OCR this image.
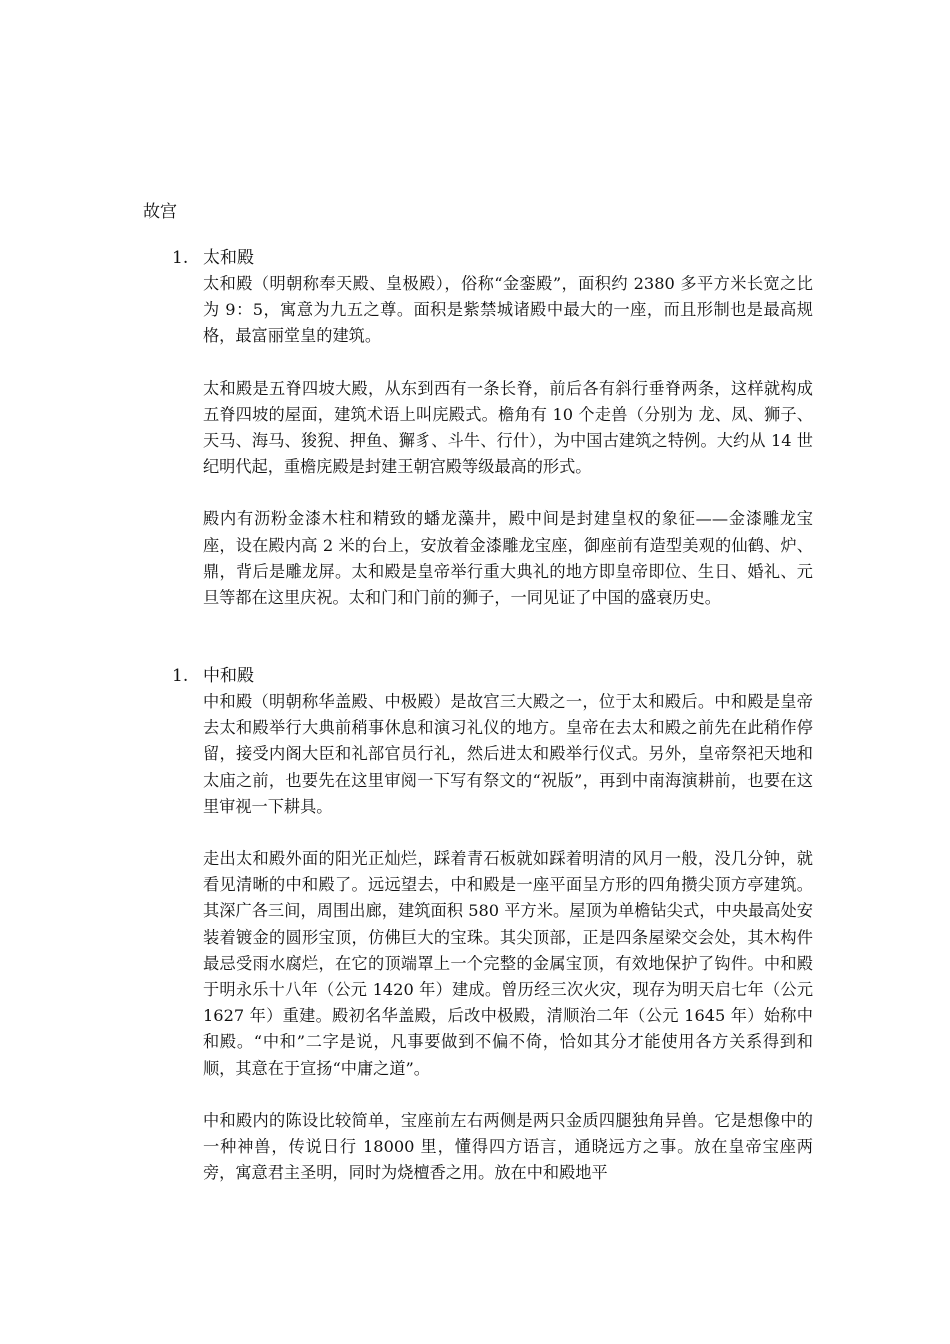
故宫
1. 太和殿

太和殿（明朝称奉天殿、皇极殿），俗称“金銮殿”，面积约 2380 多平方米长宽之比为 9：5，寓意为九五之尊。面积是紫禁城诸殿中最大的一座，而且形制也是最高规格，最富丽堂皇的建筑。

太和殿是五脊四坡大殿，从东到西有一条长脊，前后各有斜行垂脊两条，这样就构成五脊四坡的屋面，建筑术语上叫庑殿式。檐角有 10 个走兽（分别为 龙、凤、狮子、天马、海马、狻猊、押鱼、獬豸、斗牛、行什），为中国古建筑之特例。大约从 14 世纪明代起，重檐庑殿是封建王朝宫殿等级最高的形式。

殿内有沥粉金漆木柱和精致的蟠龙藻井，殿中间是封建皇权的象征——金漆雕龙宝座，设在殿内高 2 米的台上，安放着金漆雕龙宝座，御座前有造型美观的仙鹤、炉、鼎，背后是雕龙屏。太和殿是皇帝举行重大典礼的地方即皇帝即位、生日、婚礼、元旦等都在这里庆祝。太和门和门前的狮子，一同见证了中国的盛衰历史。

1. 中和殿

中和殿（明朝称华盖殿、中极殿）是故宫三大殿之一，位于太和殿后。中和殿是皇帝去太和殿举行大典前稍事休息和演习礼仪的地方。皇帝在去太和殿之前先在此稍作停留，接受内阁大臣和礼部官员行礼，然后进太和殿举行仪式。另外，皇帝祭祀天地和太庙之前，也要先在这里审阅一下写有祭文的“祝版”，再到中南海演耕前，也要在这里审视一下耕具。

走出太和殿外面的阳光正灿烂，踩着青石板就如踩着明清的风月一般，没几分钟，就看见清晰的中和殿了。远远望去，中和殿是一座平面呈方形的四角攒尖顶方亭建筑。其深广各三间，周围出廊，建筑面积 580 平方米。屋顶为单檐钻尖式，中央最高处安装着镀金的圆形宝顶，仿佛巨大的宝珠。其尖顶部，正是四条屋梁交会处，其木构件最忌受雨水腐烂，在它的顶端罩上一个完整的金属宝顶，有效地保护了钩件。中和殿于明永乐十八年（公元 1420 年）建成。曾历经三次火灾，现存为明天启七年（公元 1627 年）重建。殿初名华盖殿，后改中极殿，清顺治二年（公元 1645 年）始称中和殿。“中和”二字是说，凡事要做到不偏不倚，恰如其分才能使用各方关系得到和顺，其意在于宣扬“中庸之道”。

中和殿内的陈设比较简单，宝座前左右两侧是两只金质四腿独角异兽。它是想像中的一种神兽，传说日行 18000 里，懂得四方语言，通晓远方之事。放在皇帝宝座两旁，寓意君主圣明，同时为烧檀香之用。放在中和殿地平
